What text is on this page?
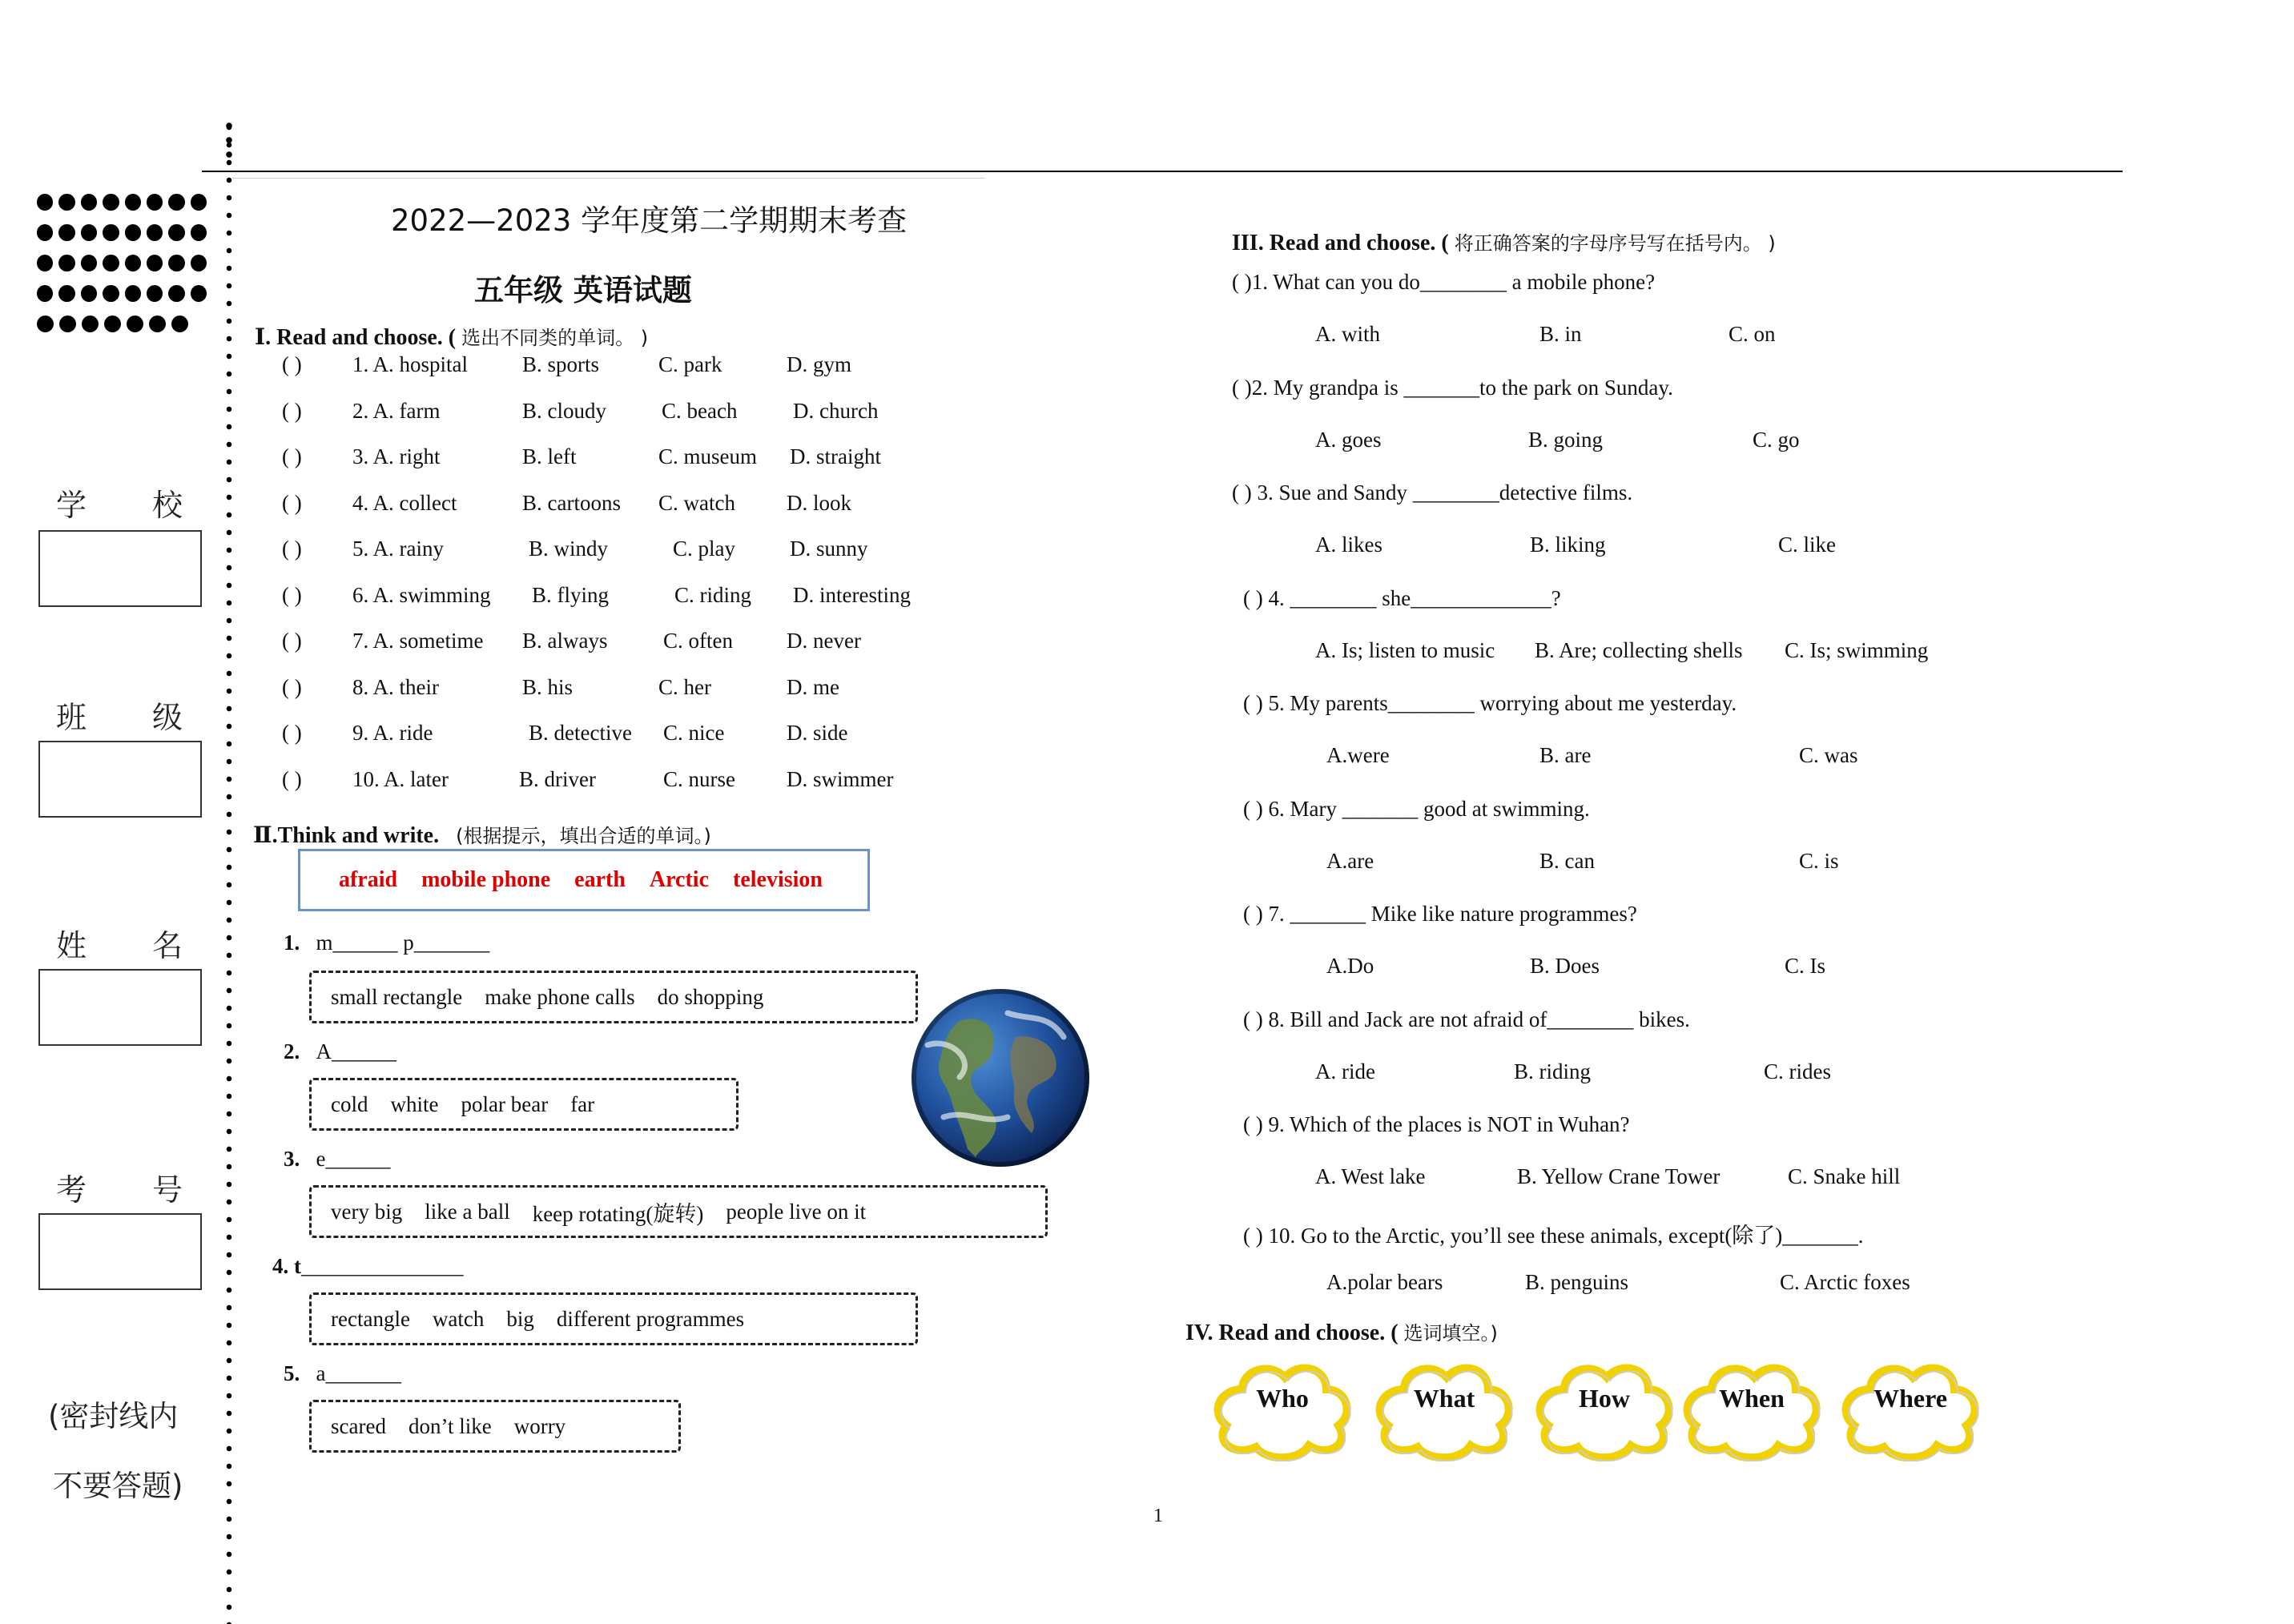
学　　校
班　　级
姓　　名
考　　号
(密封线内
不要答题)
2022—2023 学年度第二学期期末考查
五年级 英语试题
Ⅰ. Read and choose. ( 选出不同类的单词。 )
( ) 1. A. hospital	B. sports	C. park	D. gym
( ) 2. A. farm	B. cloudy	C. beach	D. church
( ) 3. A. right	B. left	C. museum D. straight
( ) 4. A. collect	B. cartoons C. watch D. look
( ) 5. A. rainy	B. windy	C. play	D. sunny
( ) 6. A. swimming B. flying	C. riding D. interesting
( ) 7. A. sometime B. always	C. often D. never
( ) 8. A. their	B. his	C. her	D. me
( ) 9. A. ride	B. detective C. nice	D. side
( ) 10. A. later	B. driver	C. nurse D. swimmer
Ⅱ.Think and write. (根据提示，填出合适的单词。)
afraid mobile phone earth Arctic television
1. m______ p_______
small rectangle make phone calls do shopping
2. A______
cold white polar bear far
3. e______
very big like a ball keep rotating(旋转) people live on it
4. t_______________
rectangle watch big different programmes
5. a_______
scared don’t like worry
III. Read and choose. ( 将正确答案的字母序号写在括号内。 )
( )1. What can you do________ a mobile phone?
A. with	B. in	C. on
( )2. My grandpa is _______to the park on Sunday.
A. goes	B. going	C. go
( ) 3. Sue and Sandy ________detective films.
A. likes	B. liking	C. like
( ) 4. ________ she_____________?
A. Is; listen to music B. Are; collecting shells C. Is; swimming
( ) 5. My parents________ worrying about me yesterday.
A.were	B. are	C. was
( ) 6. Mary _______ good at swimming.
A.are	B. can	C. is
( ) 7. _______ Mike like nature programmes?
A.Do	B. Does	C. Is
( ) 8. Bill and Jack are not afraid of________ bikes.
A. ride	B. riding	C. rides
( ) 9. Which of the places is NOT in Wuhan?
A. West lake	B. Yellow Crane Tower	C. Snake hill
( ) 10. Go to the Arctic, you’ll see these animals, except(除了)_______.
A.polar bears	B. penguins	C. Arctic foxes
IV. Read and choose. ( 选词填空。)
Who	What	How	When	Where
1
